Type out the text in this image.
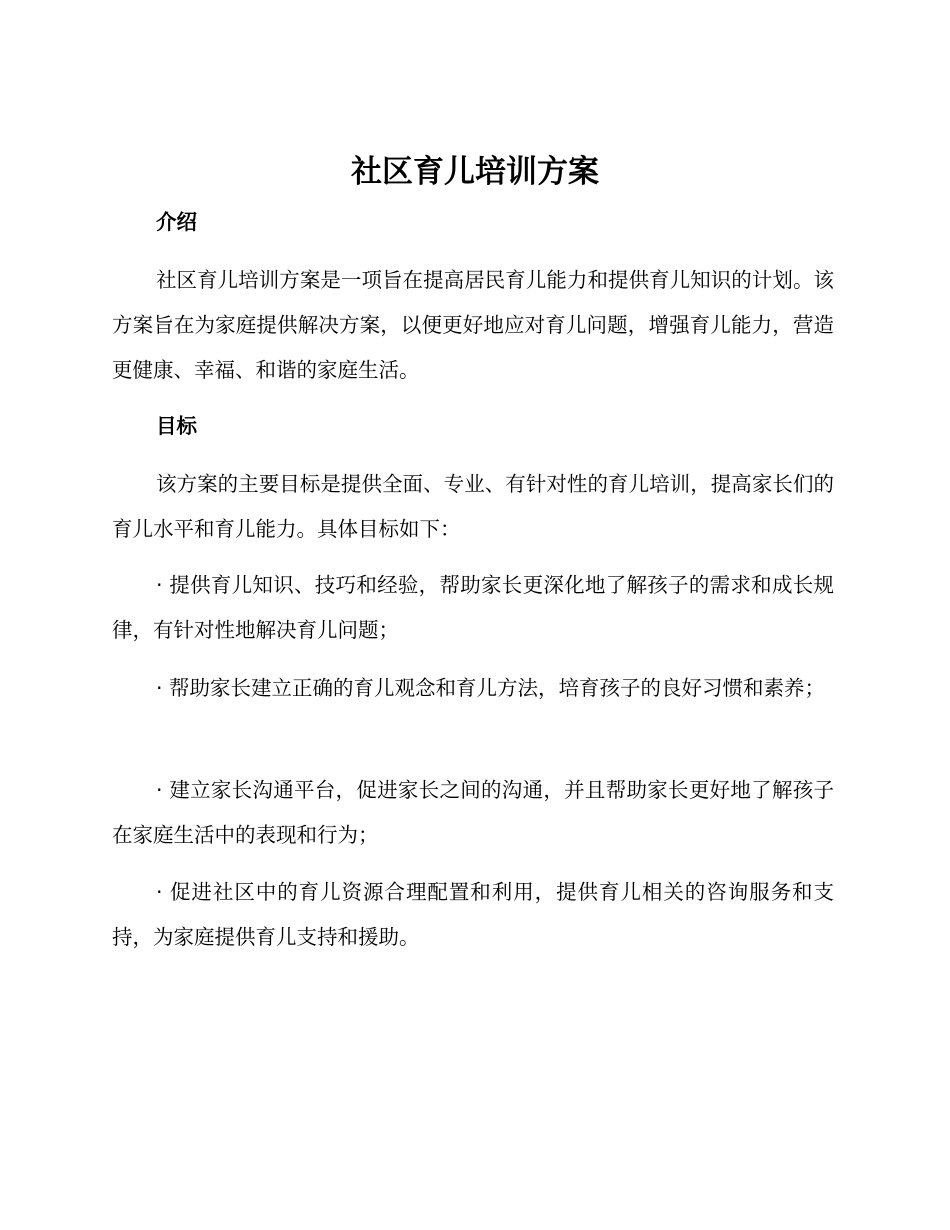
社区育儿培训方案
介绍

社区育儿培训方案是一项旨在提高居民育儿能力和提供育儿知识的计划。该方案旨在为家庭提供解决方案，以便更好地应对育儿问题，增强育儿能力，营造更健康、幸福、和谐的家庭生活。

目标

该方案的主要目标是提供全面、专业、有针对性的育儿培训，提高家长们的育儿水平和育儿能力。具体目标如下：

· 提供育儿知识、技巧和经验，帮助家长更深化地了解孩子的需求和成长规律，有针对性地解决育儿问题；

· 帮助家长建立正确的育儿观念和育儿方法，培育孩子的良好习惯和素养；

· 建立家长沟通平台，促进家长之间的沟通，并且帮助家长更好地了解孩子在家庭生活中的表现和行为；

· 促进社区中的育儿资源合理配置和利用，提供育儿相关的咨询服务和支持，为家庭提供育儿支持和援助。
